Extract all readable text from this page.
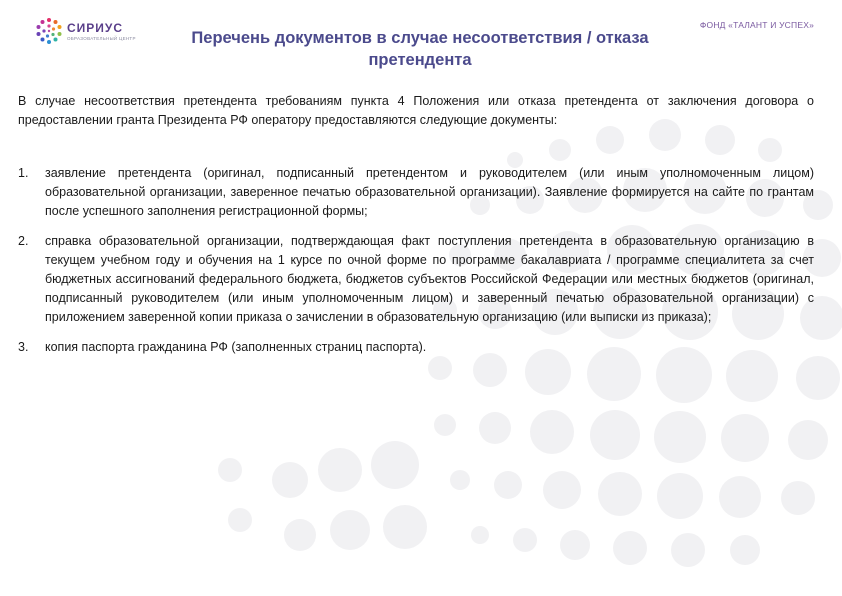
СИРИУС
ОБРАЗОВАТЕЛЬНЫЙ ЦЕНТР
ФОНД «ТАЛАНТ И УСПЕХ»
Перечень документов в случае несоответствия / отказа претендента

В случае несоответствия претендента требованиям пункта 4 Положения или отказа претендента от заключения договора о предоставлении гранта Президента РФ оператору предоставляются следующие документы:

1. заявление претендента (оригинал, подписанный претендентом и руководителем (или иным уполномоченным лицом) образовательной организации, заверенное печатью образовательной организации). Заявление формируется на сайте по грантам после успешного заполнения регистрационной формы;
2. справка образовательной организации, подтверждающая факт поступления претендента в образовательную организацию в текущем учебном году и обучения на 1 курсе по очной форме по программе бакалавриата / программе специалитета за счет бюджетных ассигнований федерального бюджета, бюджетов субъектов Российской Федерации или местных бюджетов (оригинал, подписанный руководителем (или иным уполномоченным лицом) и заверенный печатью образовательной организации) с приложением заверенной копии приказа о зачислении в образовательную организацию (или выписки из приказа);
3. копия паспорта гражданина РФ (заполненных страниц паспорта).
